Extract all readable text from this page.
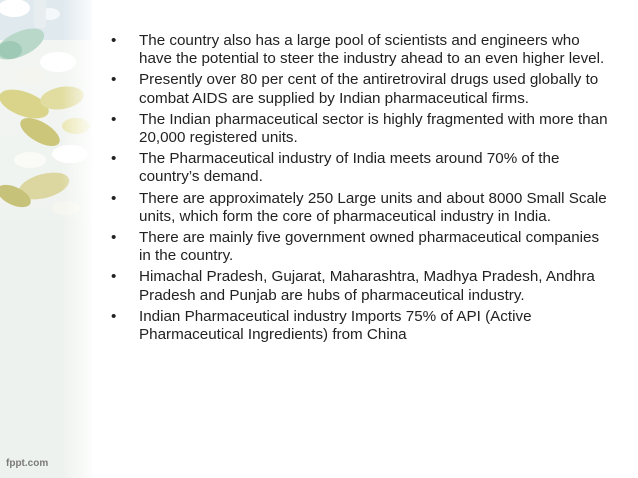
• The country also has a large pool of scientists and engineers who have the potential to steer the industry ahead to an even higher level.
• Presently over 80 per cent of the antiretroviral drugs used globally to combat AIDS are supplied by Indian pharmaceutical firms.
• The Indian pharmaceutical sector is highly fragmented with more than 20,000 registered units.
• The Pharmaceutical industry of India meets around 70% of the country’s demand.
• There are approximately 250 Large units and about 8000 Small Scale units, which form the core of pharmaceutical industry in India.
• There are mainly five government owned pharmaceutical companies in the country.
• Himachal Pradesh, Gujarat, Maharashtra, Madhya Pradesh, Andhra Pradesh and Punjab are hubs of pharmaceutical industry.
• Indian Pharmaceutical industry Imports 75% of API (Active Pharmaceutical Ingredients) from China
fppt.com
